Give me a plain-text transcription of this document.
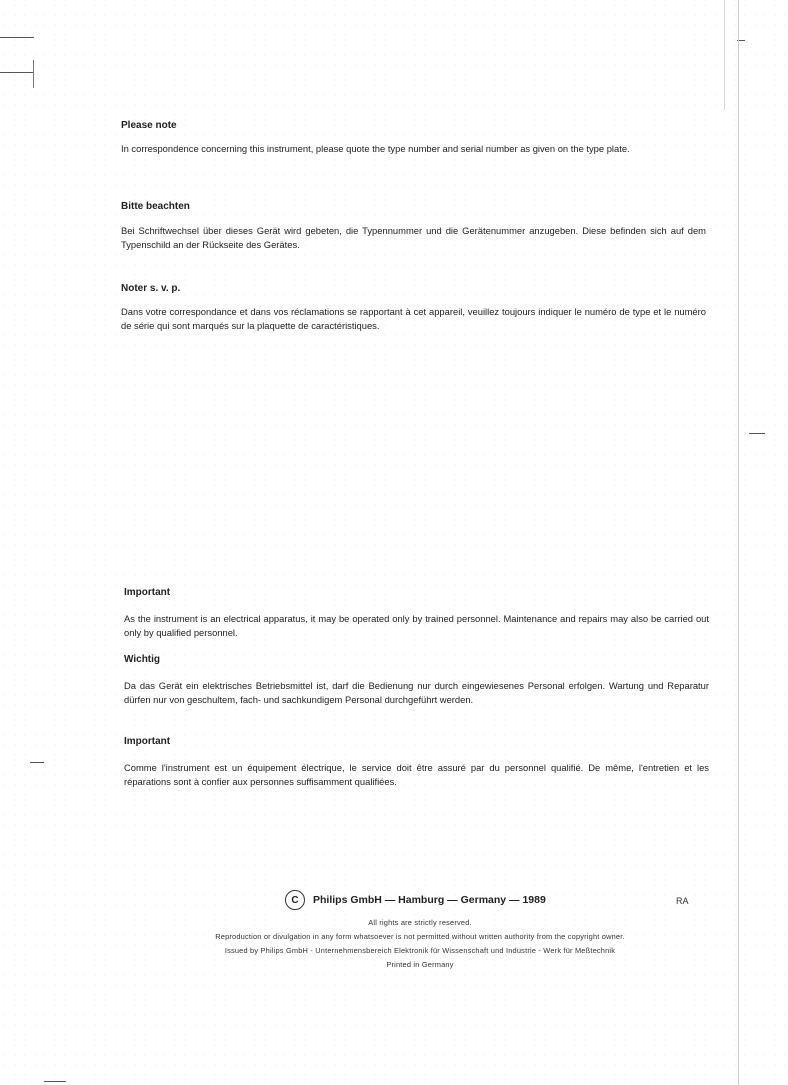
Please note
In correspondence concerning this instrument, please quote the type number and serial number as given on the type plate.
Bitte beachten
Bei Schriftwechsel über dieses Gerät wird gebeten, die Typennummer und die Gerätenummer anzugeben. Diese befinden sich auf dem Typenschild an der Rückseite des Gerätes.
Noter s. v. p.
Dans votre correspondance et dans vos réclamations se rapportant à cet appareil, veuillez toujours indiquer le numéro de type et le numéro de série qui sont marqués sur la plaquette de caractéristiques.
Important
As the instrument is an electrical apparatus, it may be operated only by trained personnel. Maintenance and repairs may also be carried out only by qualified personnel.
Wichtig
Da das Gerät ein elektrisches Betriebsmittel ist, darf die Bedienung nur durch eingewiesenes Personal erfolgen. Wartung und Reparatur dürfen nur von geschultem, fach- und sachkundigem Personal durchgeführt werden.
Important
Comme l'instrument est un équipement électrique, le service doit être assuré par du personnel qualifié. De même, l'entretien et les réparations sont à confier aux personnes suffisamment qualifiées.
C	Philips GmbH — Hamburg — Germany — 1989	RA
All rights are strictly reserved.
Reproduction or divulgation in any form whatsoever is not permitted without written authority from the copyright owner.
Issued by Philips GmbH - Unternehmensbereich Elektronik für Wissenschaft und Industrie - Werk für Meßtechnik
Printed in Germany
